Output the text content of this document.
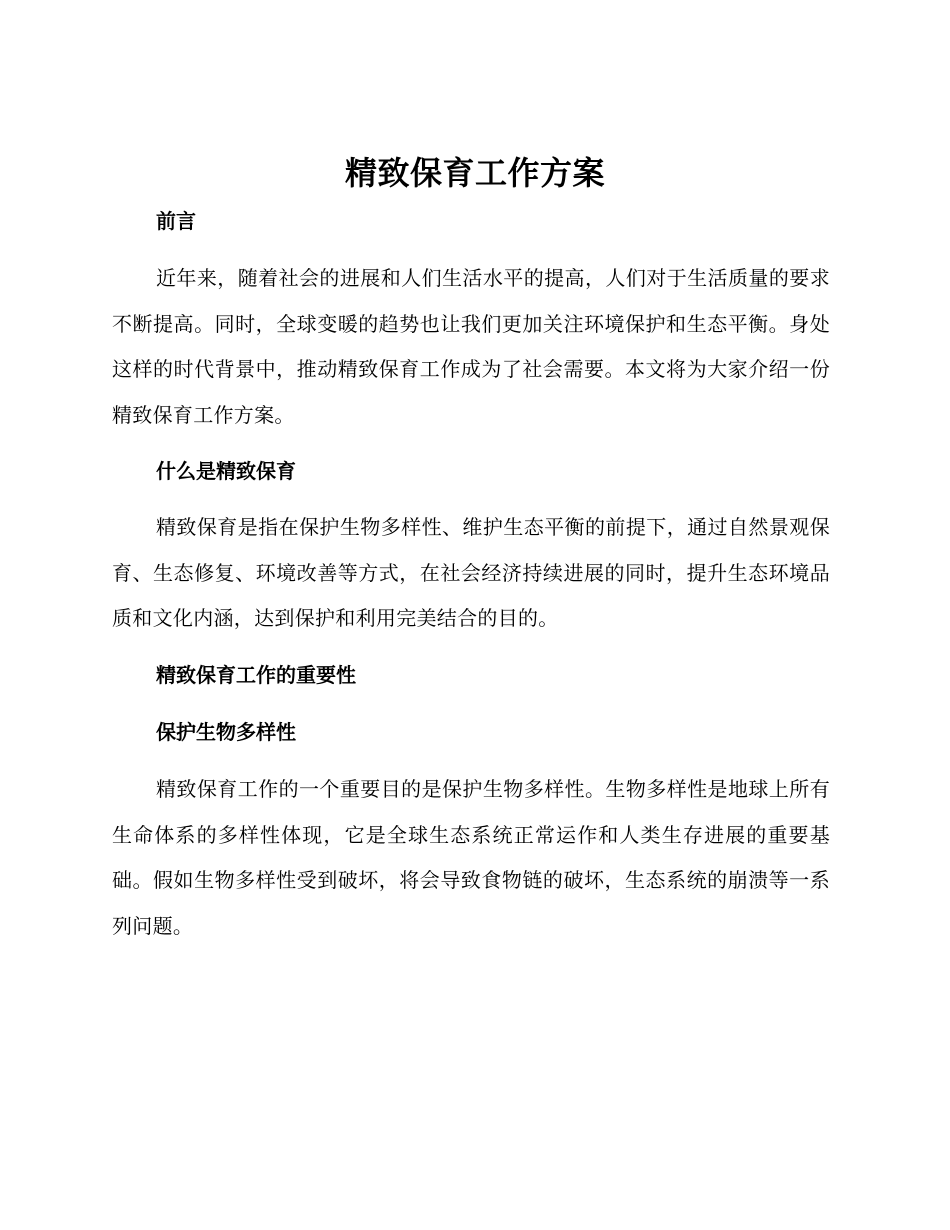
精致保育工作方案
前言
近年来，随着社会的进展和人们生活水平的提高，人们对于生活质量的要求不断提高。同时，全球变暖的趋势也让我们更加关注环境保护和生态平衡。身处这样的时代背景中，推动精致保育工作成为了社会需要。本文将为大家介绍一份精致保育工作方案。
什么是精致保育
精致保育是指在保护生物多样性、维护生态平衡的前提下，通过自然景观保育、生态修复、环境改善等方式，在社会经济持续进展的同时，提升生态环境品质和文化内涵，达到保护和利用完美结合的目的。
精致保育工作的重要性
保护生物多样性
精致保育工作的一个重要目的是保护生物多样性。生物多样性是地球上所有生命体系的多样性体现，它是全球生态系统正常运作和人类生存进展的重要基础。假如生物多样性受到破坏，将会导致食物链的破坏，生态系统的崩溃等一系列问题。
